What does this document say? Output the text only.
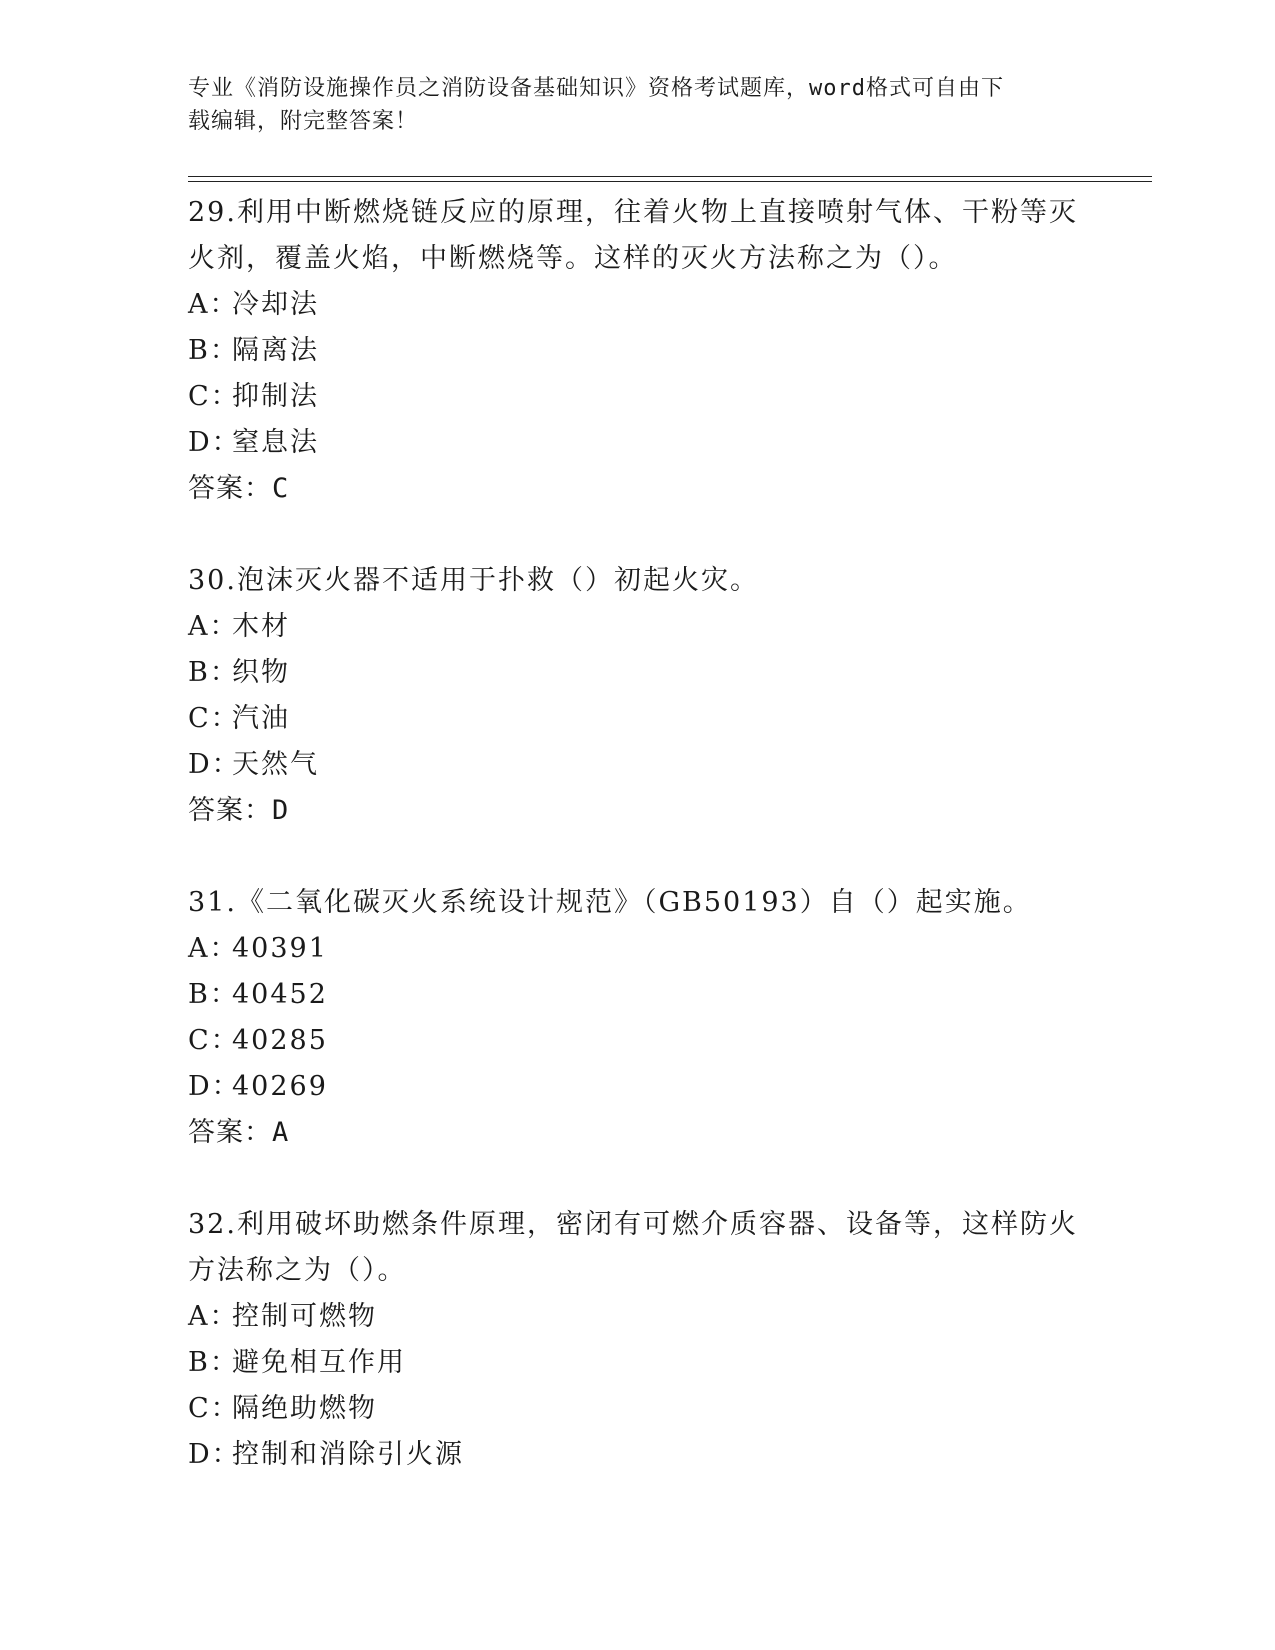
专业《消防设施操作员之消防设备基础知识》资格考试题库，word格式可自由下
载编辑，附完整答案！
29.利用中断燃烧链反应的原理，往着火物上直接喷射气体、干粉等灭
火剂，覆盖火焰，中断燃烧等。这样的灭火方法称之为（）。
A：冷却法
B：隔离法
C：抑制法
D：窒息法
答案：C
30.泡沫灭火器不适用于扑救（）初起火灾。
A：木材
B：织物
C：汽油
D：天然气
答案：D
31.《二氧化碳灭火系统设计规范》（GB50193）自（）起实施。
A：40391
B：40452
C：40285
D：40269
答案：A
32.利用破坏助燃条件原理，密闭有可燃介质容器、设备等，这样防火
方法称之为（）。
A：控制可燃物
B：避免相互作用
C：隔绝助燃物
D：控制和消除引火源
